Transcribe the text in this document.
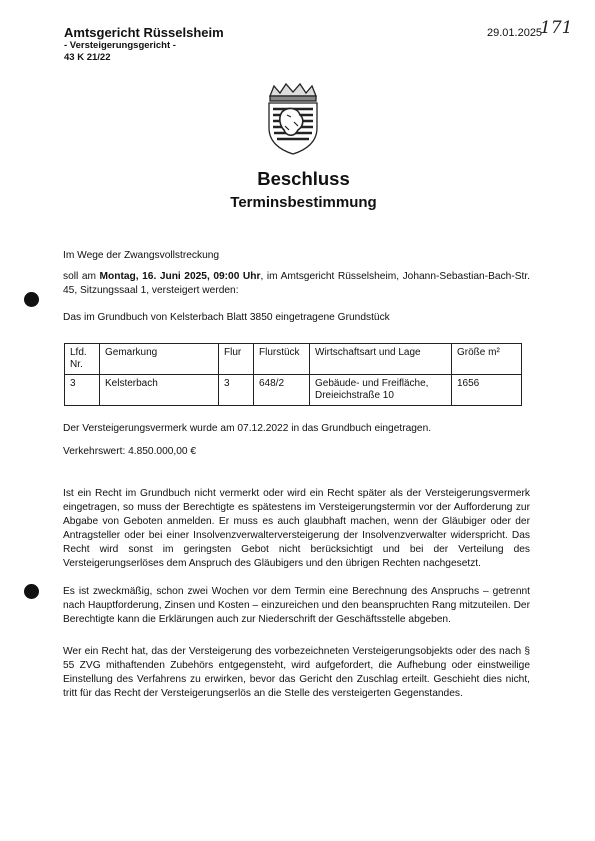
Amtsgericht Rüsselsheim
- Versteigerungsgericht -
43 K 21/22
29.01.2025
171
Beschluss
Terminsbestimmung
Im Wege der Zwangsvollstreckung
soll am Montag, 16. Juni 2025, 09:00 Uhr, im Amtsgericht Rüsselsheim, Johann-Sebastian-Bach-Str. 45, Sitzungssaal 1, versteigert werden:
Das im Grundbuch von Kelsterbach Blatt 3850 eingetragene Grundstück
Lfd. Nr.	Gemarkung	Flur	Flurstück	Wirtschaftsart und Lage	Größe m²
3	Kelsterbach	3	648/2	Gebäude- und Freifläche, Dreieichstraße 10	1656
Der Versteigerungsvermerk wurde am 07.12.2022 in das Grundbuch eingetragen.
Verkehrswert: 4.850.000,00 €
Ist ein Recht im Grundbuch nicht vermerkt oder wird ein Recht später als der Versteigerungsvermerk eingetragen, so muss der Berechtigte es spätestens im Versteigerungstermin vor der Aufforderung zur Abgabe von Geboten anmelden. Er muss es auch glaubhaft machen, wenn der Gläubiger oder der Antragsteller oder bei einer Insolvenzverwalterversteigerung der Insolvenzverwalter widerspricht. Das Recht wird sonst im geringsten Gebot nicht berücksichtigt und bei der Verteilung des Versteigerungserlöses dem Anspruch des Gläubigers und den übrigen Rechten nachgesetzt.
Es ist zweckmäßig, schon zwei Wochen vor dem Termin eine Berechnung des Anspruchs – getrennt nach Hauptforderung, Zinsen und Kosten – einzureichen und den beanspruchten Rang mitzuteilen. Der Berechtigte kann die Erklärungen auch zur Niederschrift der Geschäftsstelle abgeben.
Wer ein Recht hat, das der Versteigerung des vorbezeichneten Versteigerungsobjekts oder des nach § 55 ZVG mithaftenden Zubehörs entgegensteht, wird aufgefordert, die Aufhebung oder einstweilige Einstellung des Verfahrens zu erwirken, bevor das Gericht den Zuschlag erteilt. Geschieht dies nicht, tritt für das Recht der Versteigerungserlös an die Stelle des versteigerten Gegenstandes.
